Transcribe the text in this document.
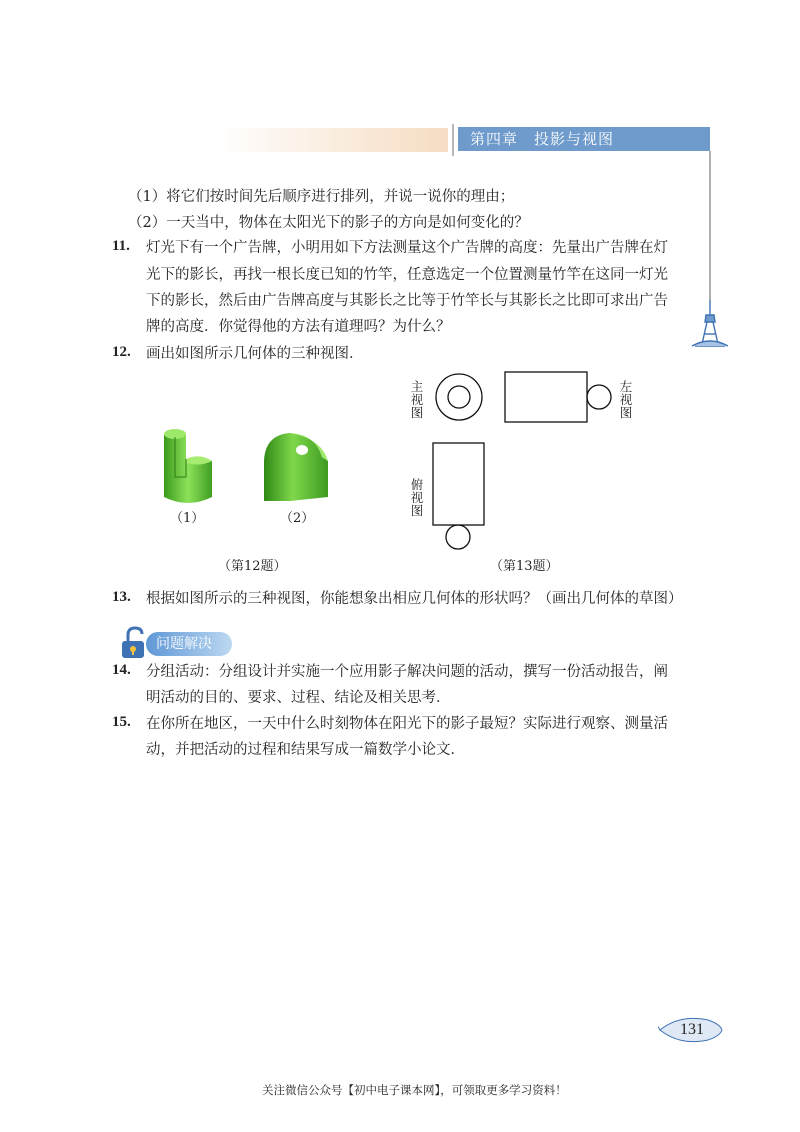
第四章　投影与视图
（1）将它们按时间先后顺序进行排列，并说一说你的理由；
（2）一天当中，物体在太阳光下的影子的方向是如何变化的？
11. 灯光下有一个广告牌，小明用如下方法测量这个广告牌的高度：先量出广告牌在灯
光下的影长，再找一根长度已知的竹竿，任意选定一个位置测量竹竿在这同一灯光
下的影长，然后由广告牌高度与其影长之比等于竹竿长与其影长之比即可求出广告
牌的高度．你觉得他的方法有道理吗？为什么？
12. 画出如图所示几何体的三种视图．
（1）	（2）
（第12题）
主视图
左视图
俯视图
（第13题）
13. 根据如图所示的三种视图，你能想象出相应几何体的形状吗？（画出几何体的草图）
问题解决
14. 分组活动：分组设计并实施一个应用影子解决问题的活动，撰写一份活动报告，阐
明活动的目的、要求、过程、结论及相关思考．
15. 在你所在地区，一天中什么时刻物体在阳光下的影子最短？实际进行观察、测量活
动，并把活动的过程和结果写成一篇数学小论文．
131
关注微信公众号【初中电子课本网】，可领取更多学习资料！
